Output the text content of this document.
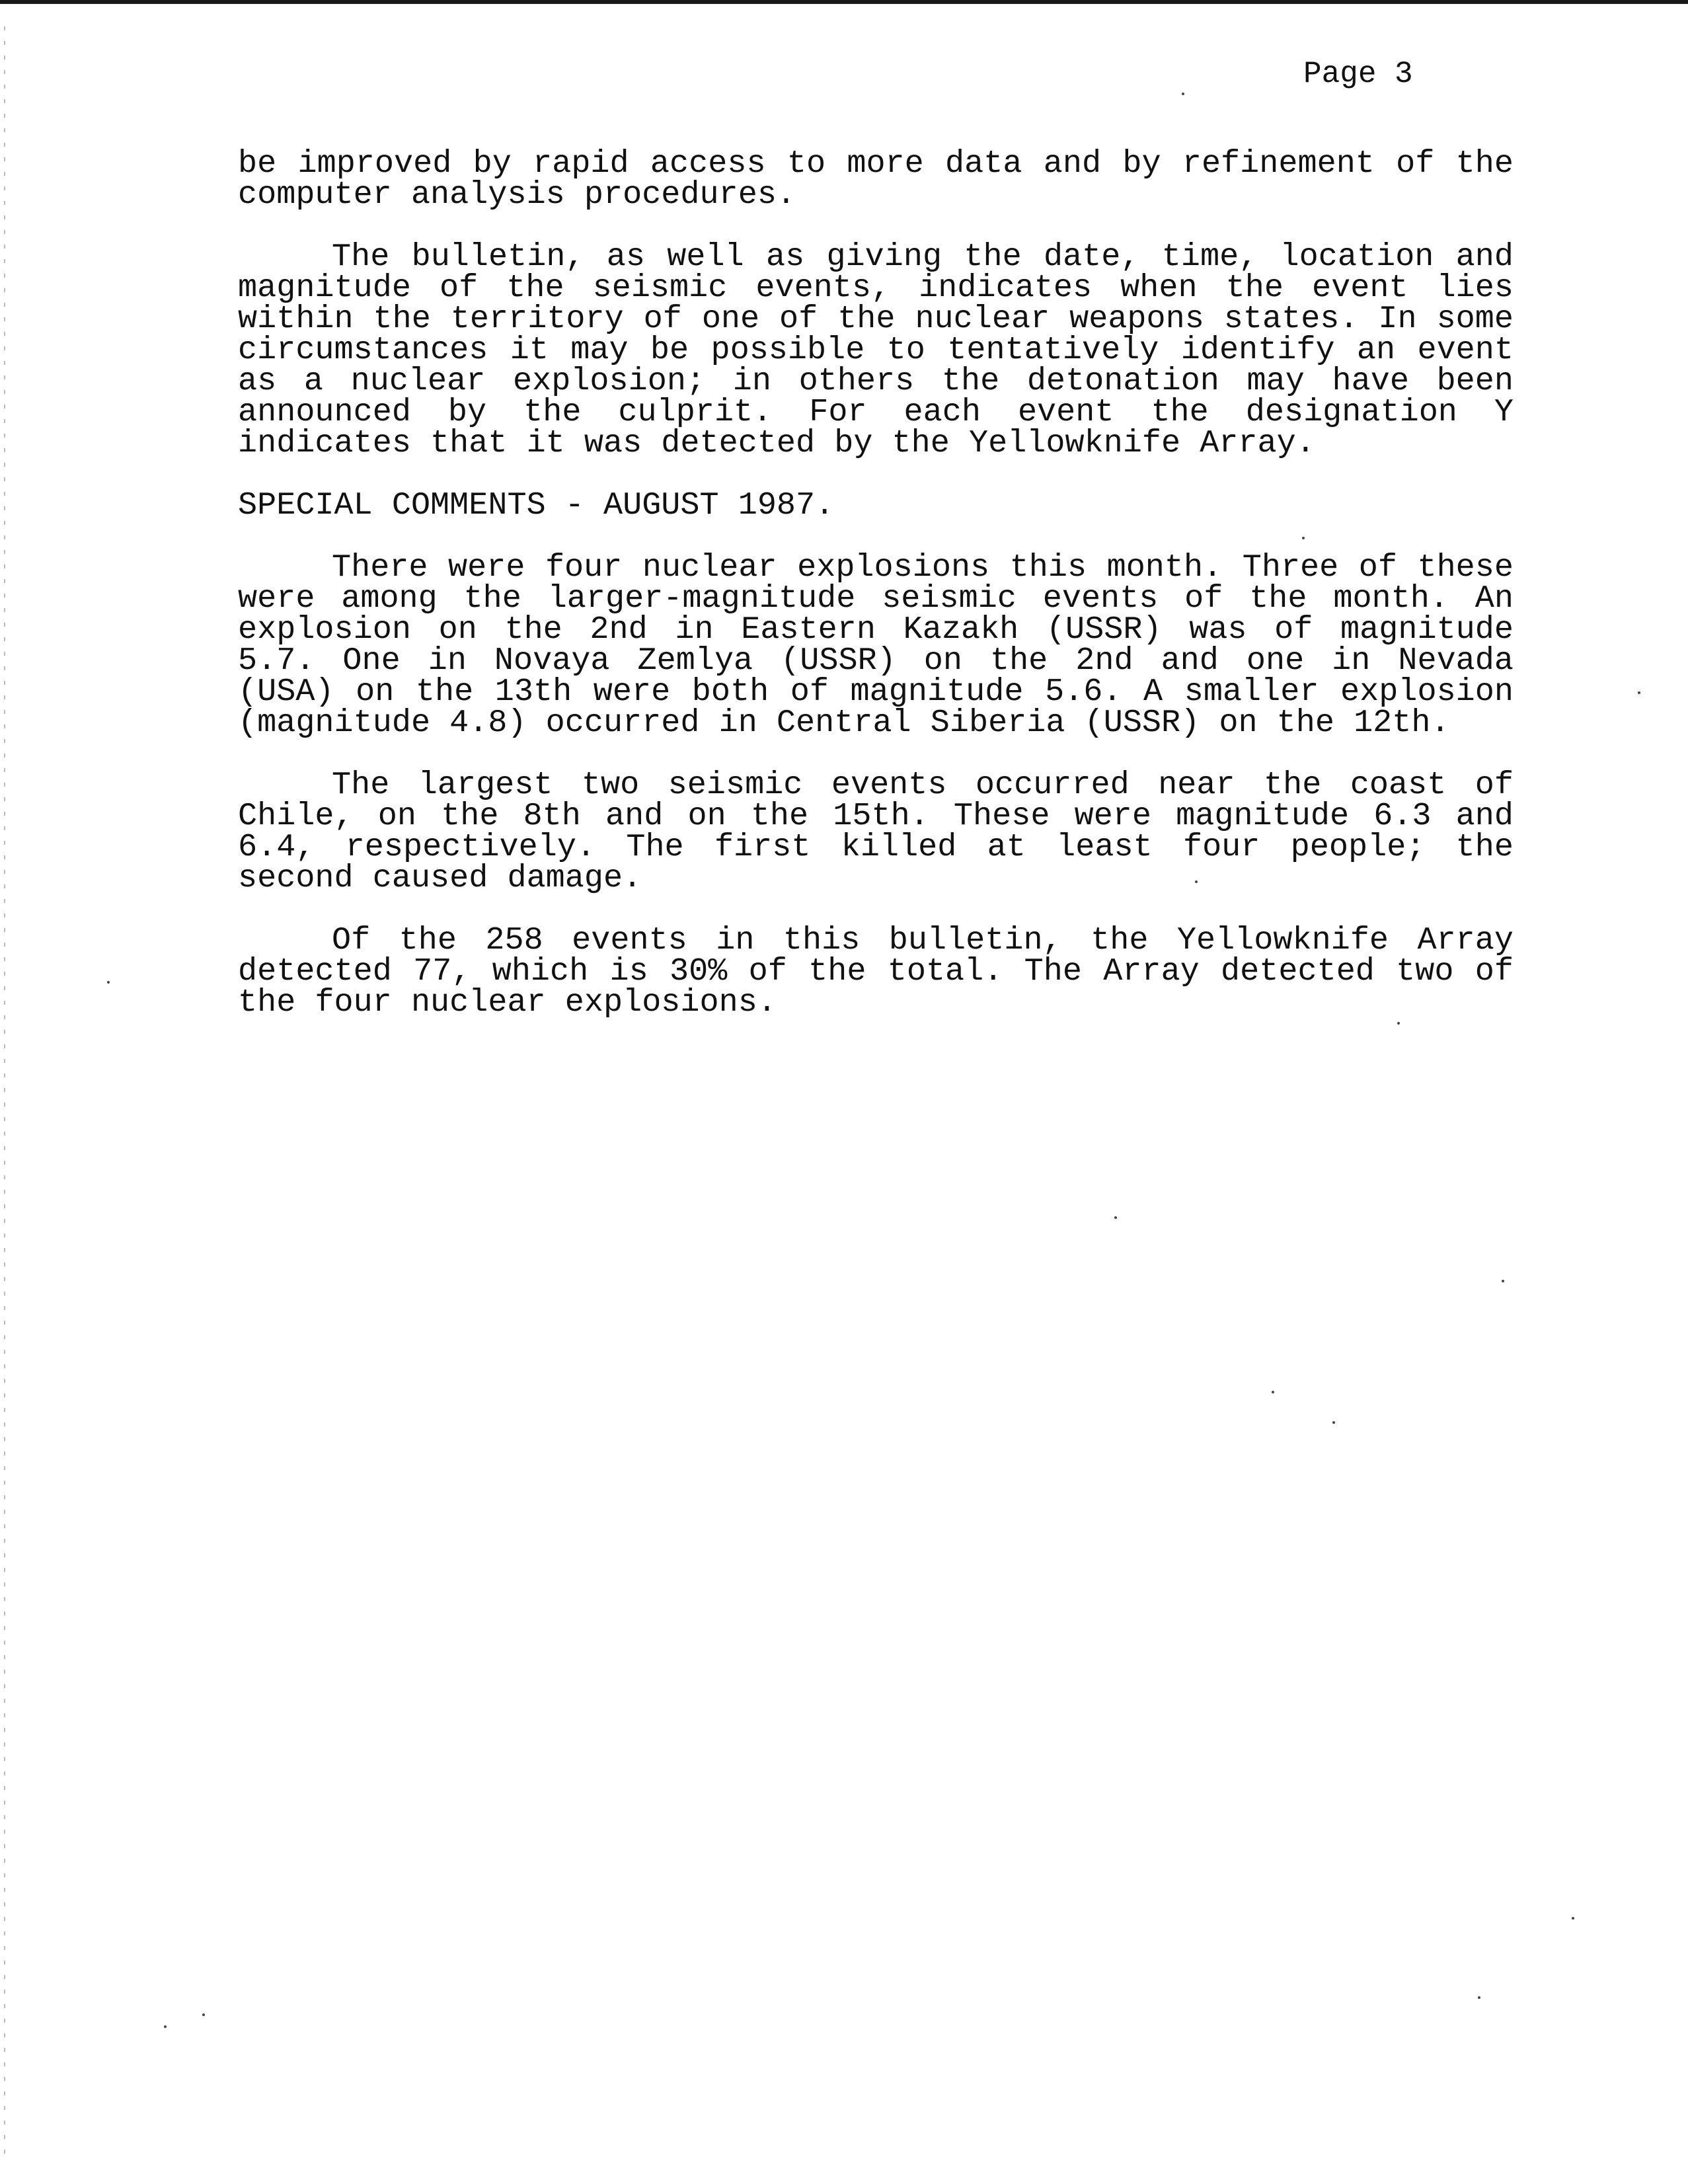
Page 3

be improved by rapid access to more data and by refinement of the computer analysis procedures.

The bulletin, as well as giving the date, time, location and magnitude of the seismic events, indicates when the event lies within the territory of one of the nuclear weapons states. In some circumstances it may be possible to tentatively identify an event as a nuclear explosion; in others the detonation may have been announced by the culprit. For each event the designation Y indicates that it was detected by the Yellowknife Array.

SPECIAL COMMENTS - AUGUST 1987.

There were four nuclear explosions this month. Three of these were among the larger-magnitude seismic events of the month. An explosion on the 2nd in Eastern Kazakh (USSR) was of magnitude 5.7. One in Novaya Zemlya (USSR) on the 2nd and one in Nevada (USA) on the 13th were both of magnitude 5.6. A smaller explosion (magnitude 4.8) occurred in Central Siberia (USSR) on the 12th.

The largest two seismic events occurred near the coast of Chile, on the 8th and on the 15th. These were magnitude 6.3 and 6.4, respectively. The first killed at least four people; the second caused damage.

Of the 258 events in this bulletin, the Yellowknife Array detected 77, which is 30% of the total. The Array detected two of the four nuclear explosions.
